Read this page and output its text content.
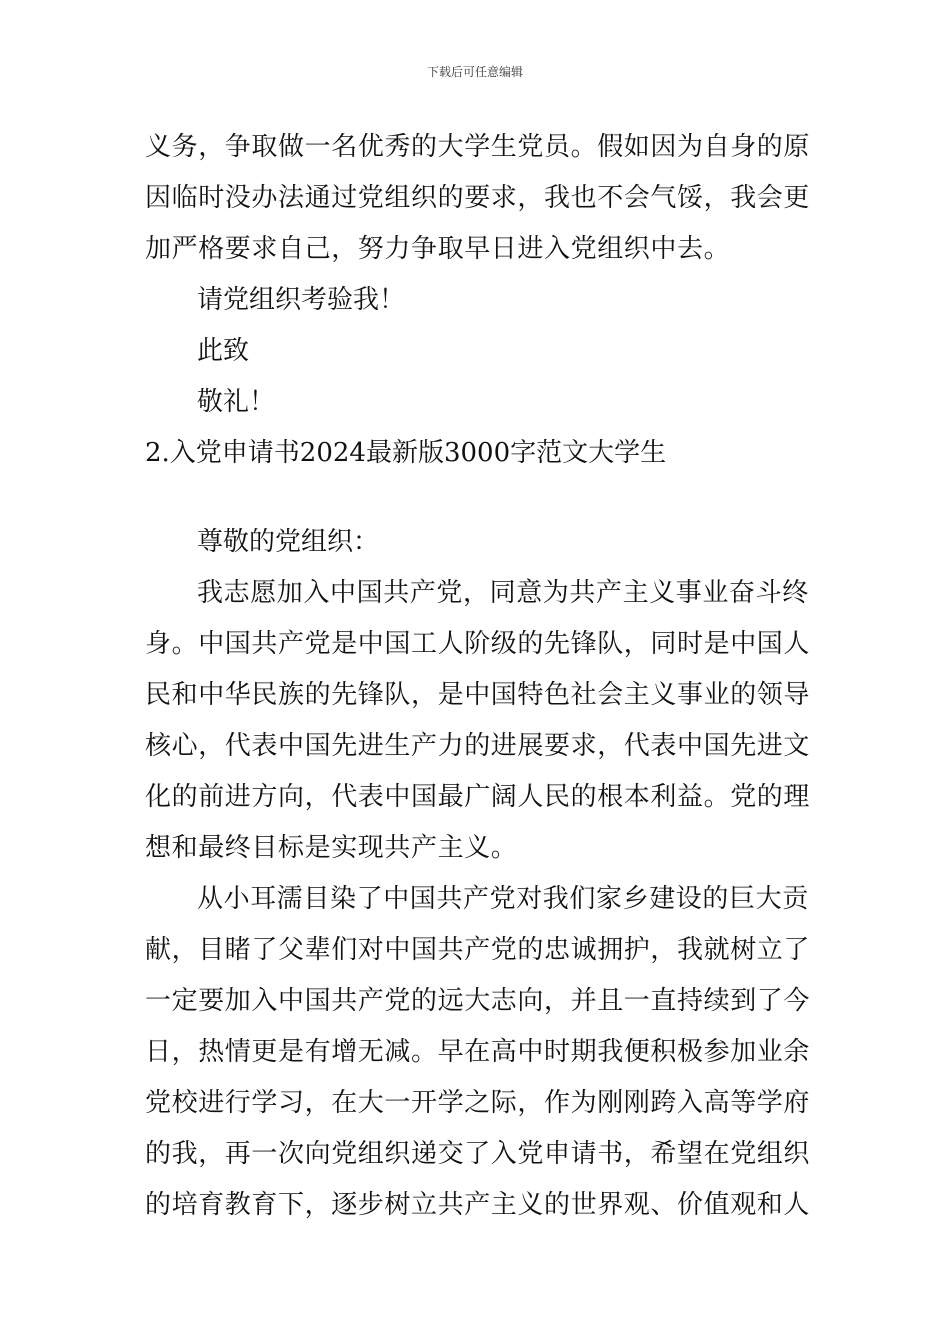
下载后可任意编辑
义务，争取做一名优秀的大学生党员。假如因为自身的原
因临时没办法通过党组织的要求，我也不会气馁，我会更
加严格要求自己，努力争取早日进入党组织中去。
请党组织考验我！
此致
敬礼！
2.入党申请书2024最新版3000字范文大学生
尊敬的党组织：
我志愿加入中国共产党，同意为共产主义事业奋斗终
身。中国共产党是中国工人阶级的先锋队，同时是中国人
民和中华民族的先锋队，是中国特色社会主义事业的领导
核心，代表中国先进生产力的进展要求，代表中国先进文
化的前进方向，代表中国最广阔人民的根本利益。党的理
想和最终目标是实现共产主义。
从小耳濡目染了中国共产党对我们家乡建设的巨大贡
献，目睹了父辈们对中国共产党的忠诚拥护，我就树立了
一定要加入中国共产党的远大志向，并且一直持续到了今
日，热情更是有增无减。早在高中时期我便积极参加业余
党校进行学习，在大一开学之际，作为刚刚跨入高等学府
的我，再一次向党组织递交了入党申请书，希望在党组织
的培育教育下，逐步树立共产主义的世界观、价值观和人
